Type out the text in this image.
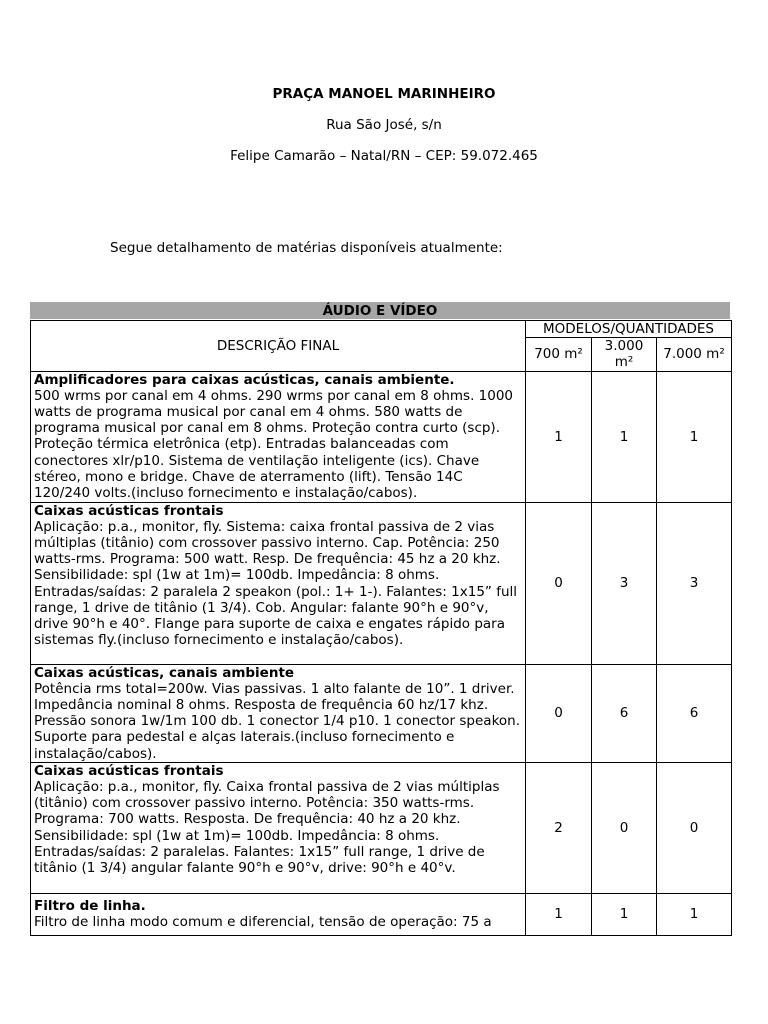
PRAÇA MANOEL MARINHEIRO
Rua São José, s/n
Felipe Camarão – Natal/RN – CEP: 59.072.465
Segue detalhamento de matérias disponíveis atualmente:
ÁUDIO E VÍDEO
DESCRIÇÃO FINAL	MODELOS/QUANTIDADES		
	700 m²	3.000 m²	7.000 m²

Amplificadores para caixas acústicas, canais ambiente.
500 wrms por canal em 4 ohms. 290 wrms por canal em 8 ohms. 1000 watts de programa musical por canal em 4 ohms. 580 watts de programa musical por canal em 8 ohms. Proteção contra curto (scp). Proteção térmica eletrônica (etp). Entradas balanceadas com conectores xlr/p10. Sistema de ventilação inteligente (ics). Chave stéreo, mono e bridge. Chave de aterramento (lift). Tensão 14C 120/240 volts.(incluso fornecimento e instalação/cabos).	1	1	1

Caixas acústicas frontais
Aplicação: p.a., monitor, fly. Sistema: caixa frontal passiva de 2 vias múltiplas (titânio) com crossover passivo interno. Cap. Potência: 250 watts-rms. Programa: 500 watt. Resp. De frequência: 45 hz a 20 khz. Sensibilidade: spl (1w at 1m)= 100db. Impedância: 8 ohms. Entradas/saídas: 2 paralela 2 speakon (pol.: 1+ 1-). Falantes: 1x15” full range, 1 drive de titânio (1 3/4). Cob. Angular: falante 90°h e 90°v, drive 90°h e 40°. Flange para suporte de caixa e engates rápido para sistemas fly.(incluso fornecimento e instalação/cabos).	0	3	3

Caixas acústicas, canais ambiente
Potência rms total=200w. Vias passivas. 1 alto falante de 10”. 1 driver. Impedância nominal 8 ohms. Resposta de frequência 60 hz/17 khz. Pressão sonora 1w/1m 100 db. 1 conector 1/4 p10. 1 conector speakon. Suporte para pedestal e alças laterais.(incluso fornecimento e instalação/cabos).	0	6	6

Caixas acústicas frontais
Aplicação: p.a., monitor, fly. Caixa frontal passiva de 2 vias múltiplas (titânio) com crossover passivo interno. Potência: 350 watts-rms. Programa: 700 watts. Resposta. De frequência: 40 hz a 20 khz. Sensibilidade: spl (1w at 1m)= 100db. Impedância: 8 ohms. Entradas/saídas: 2 paralelas. Falantes: 1x15” full range, 1 drive de titânio (1 3/4) angular falante 90°h e 90°v, drive: 90°h e 40°v.	2	0	0

Filtro de linha.
Filtro de linha modo comum e diferencial, tensão de operação: 75 a	1	1	1
